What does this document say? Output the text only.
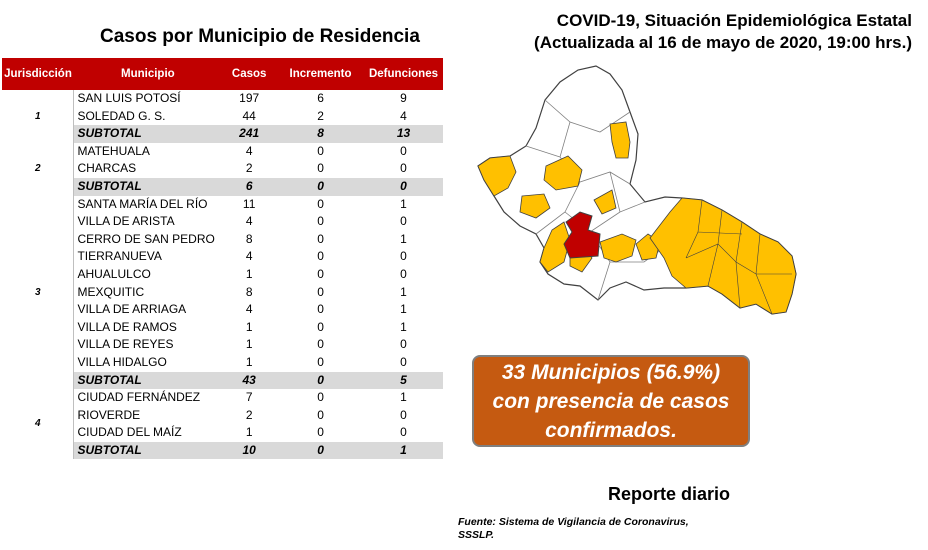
Casos por Municipio de Residencia
COVID-19, Situación Epidemiológica Estatal
(Actualizada al 16 de mayo de 2020, 19:00 hrs.)
Jurisdicción	Municipio	Casos	Incremento	Defunciones
1	SAN LUIS POTOSÍ	197	6	9
	SOLEDAD G. S.	44	2	4
	SUBTOTAL	241	8	13
2	MATEHUALA	4	0	0
	CHARCAS	2	0	0
	SUBTOTAL	6	0	0
3	SANTA MARÍA DEL RÍO	11	0	1
	VILLA DE ARISTA	4	0	0
	CERRO DE SAN PEDRO	8	0	1
	TIERRANUEVA	4	0	0
	AHUALULCO	1	0	0
	MEXQUITIC	8	0	1
	VILLA DE ARRIAGA	4	0	1
	VILLA DE RAMOS	1	0	1
	VILLA DE REYES	1	0	0
	VILLA HIDALGO	1	0	0
	SUBTOTAL	43	0	5
4	CIUDAD FERNÁNDEZ	7	0	1
	RIOVERDE	2	0	0
	CIUDAD DEL MAÍZ	1	0	0
	SUBTOTAL	10	0	1
33 Municipios (56.9%)
con presencia de casos
confirmados.
Reporte diario
Fuente: Sistema de Vigilancia de Coronavirus,
SSSLP.
